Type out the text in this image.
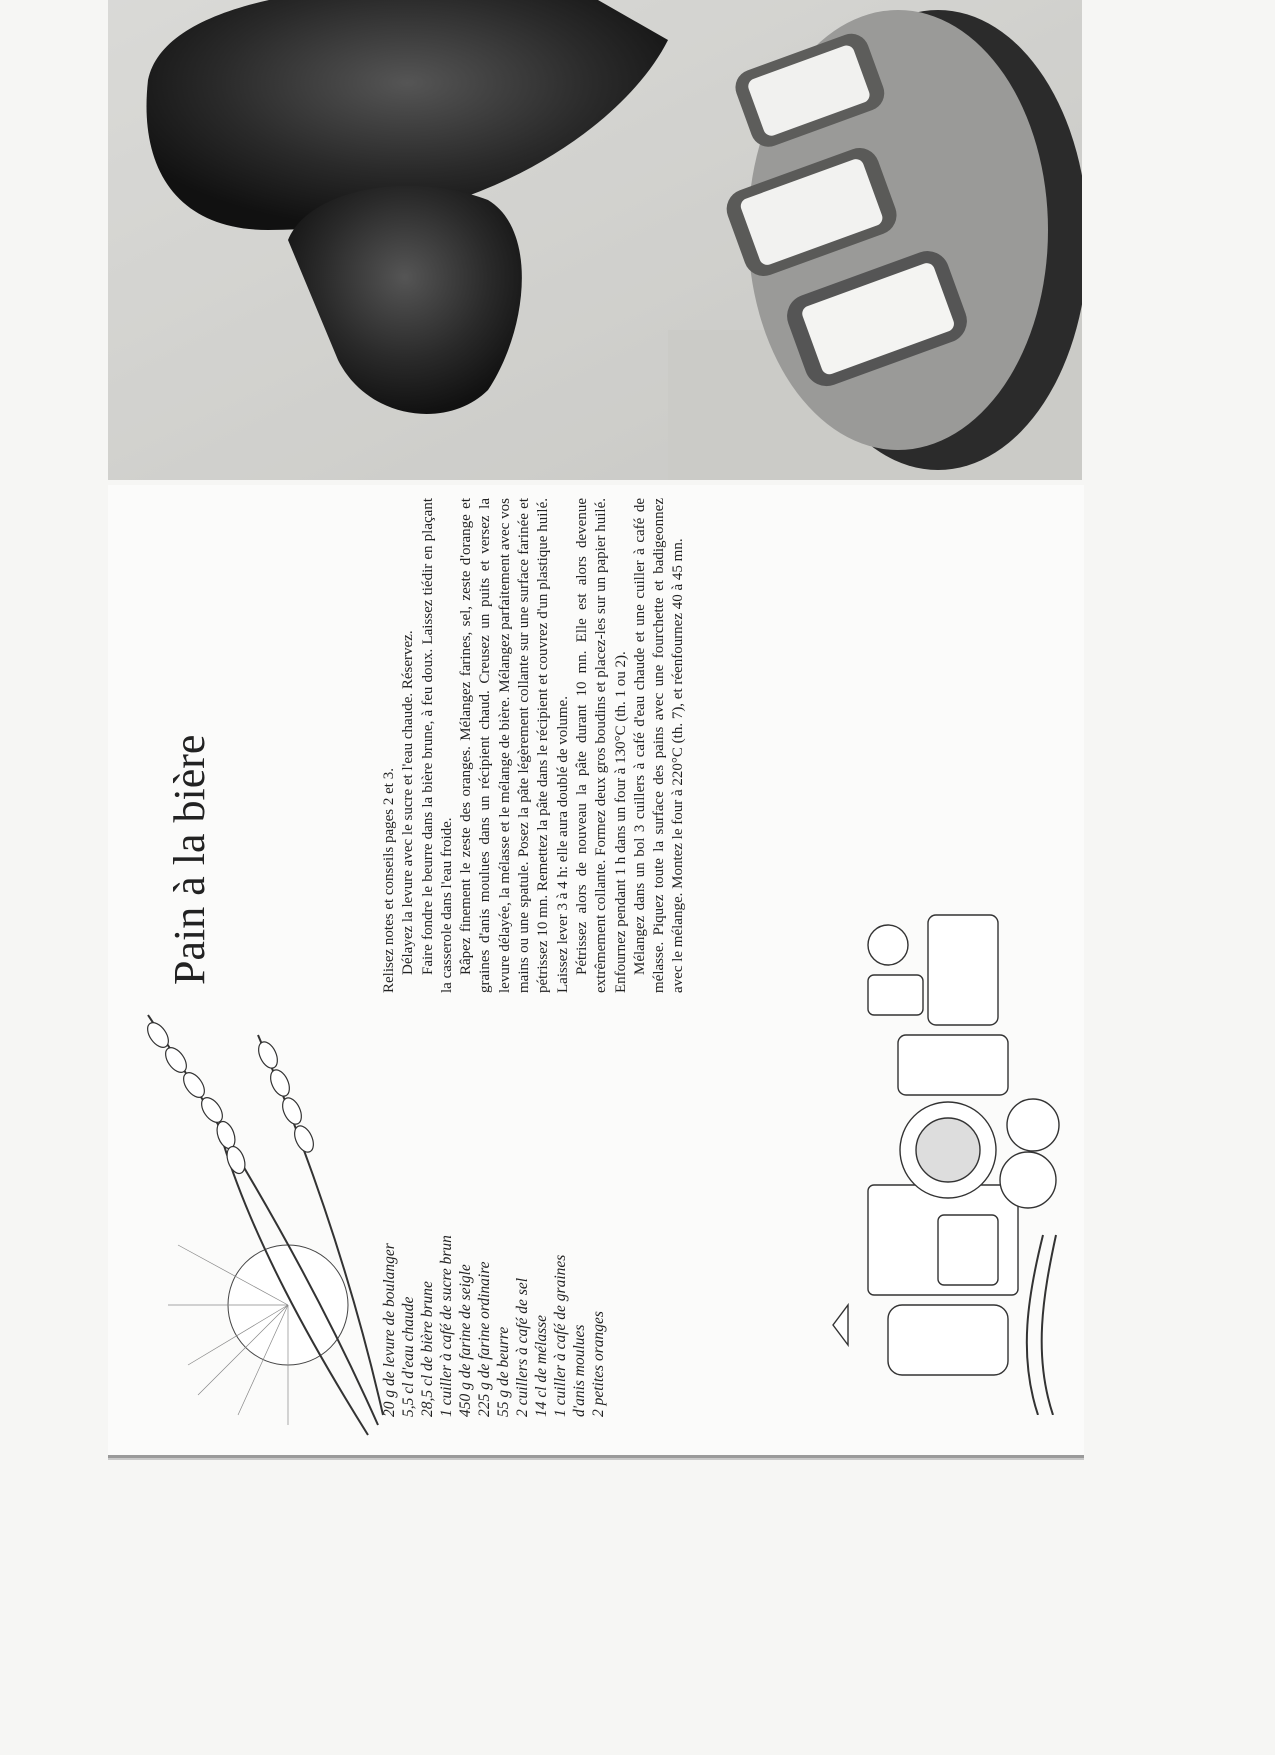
Pain à la bière
20 g de levure de boulanger 5,5 cl d'eau chaude 28,5 cl de bière brune 1 cuiller à café de sucre brun 450 g de farine de seigle 225 g de farine ordinaire 55 g de beurre 2 cuillers à café de sel 14 cl de mélasse 1 cuiller à café de graines d'anis moulues 2 petites oranges

Relisez notes et conseils pages 2 et 3. Délayez la levure avec le sucre et l'eau chaude. Réservez. Faire fondre le beurre dans la bière brune, à feu doux. Laissez tiédir en plaçant la casserole dans l'eau froide. Râpez finement le zeste des oranges. Mélangez farines, sel, zeste d'orange et graines d'anis moulues dans un récipient chaud. Creusez un puits et versez la levure délayée, la mélasse et le mélange de bière. Mélangez parfaitement avec vos mains ou une spatule. Posez la pâte légèrement collante sur une surface farinée et pétrissez 10 mn. Remettez la pâte dans le récipient et couvrez d'un plastique huilé. Laissez lever 3 à 4 h: elle aura doublé de volume. Pétrissez alors de nouveau la pâte durant 10 mn. Elle est alors devenue extrêmement collante. Formez deux gros boudins et placez-les sur un papier huilé. Enfournez pendant 1 h dans un four à 130°C (th. 1 ou 2). Mélangez dans un bol 3 cuillers à café d'eau chaude et une cuiller à café de mélasse. Piquez toute la surface des pains avec une fourchette et badigeonnez avec le mélange. Montez le four à 220°C (th. 7), et réenfournez 40 à 45 mn.
